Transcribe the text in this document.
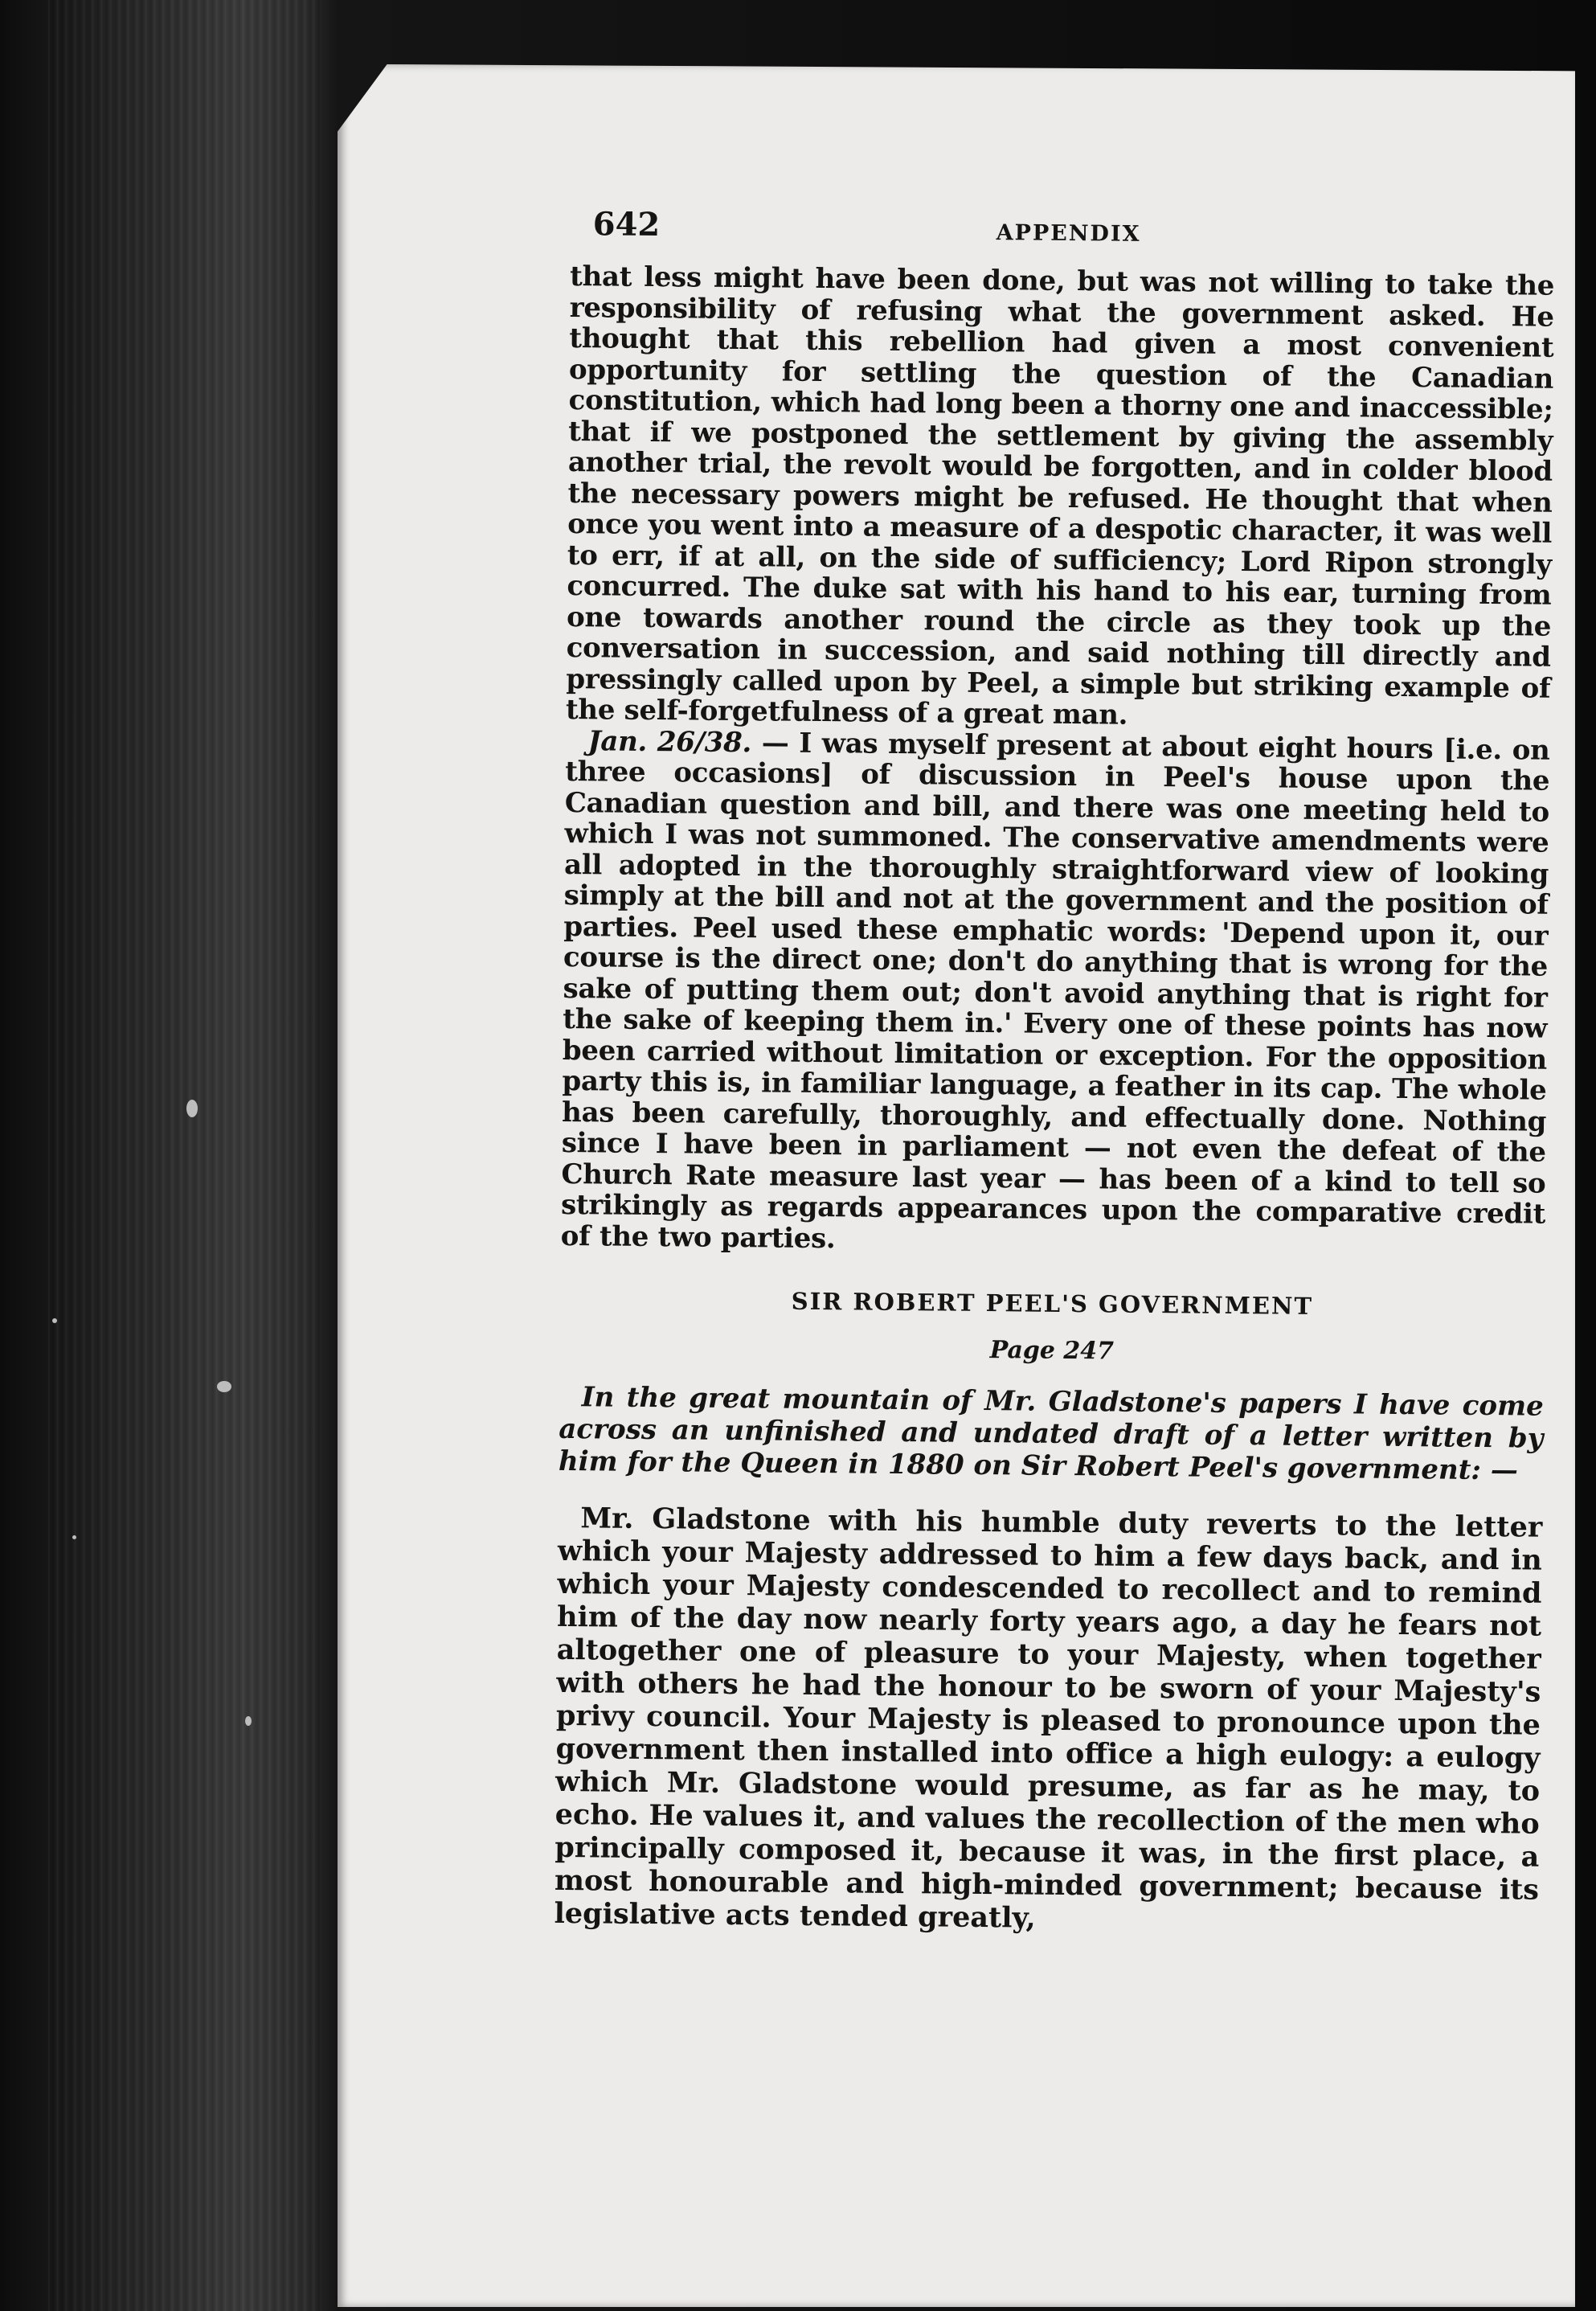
642	APPENDIX

that less might have been done, but was not willing to take the responsibility of refusing what the government asked. He thought that this rebellion had given a most convenient opportunity for settling the question of the Canadian constitution, which had long been a thorny one and inaccessible; that if we postponed the settlement by giving the assembly another trial, the revolt would be forgotten, and in colder blood the necessary powers might be refused. He thought that when once you went into a measure of a despotic character, it was well to err, if at all, on the side of sufficiency; Lord Ripon strongly concurred. The duke sat with his hand to his ear, turning from one towards another round the circle as they took up the conversation in succession, and said nothing till directly and pressingly called upon by Peel, a simple but striking example of the self-forgetfulness of a great man.

Jan. 26/38. — I was myself present at about eight hours [i.e. on three occasions] of discussion in Peel's house upon the Canadian question and bill, and there was one meeting held to which I was not summoned. The conservative amendments were all adopted in the thoroughly straightforward view of looking simply at the bill and not at the government and the position of parties. Peel used these emphatic words: 'Depend upon it, our course is the direct one; don't do anything that is wrong for the sake of putting them out; don't avoid anything that is right for the sake of keeping them in.' Every one of these points has now been carried without limitation or exception. For the opposition party this is, in familiar language, a feather in its cap. The whole has been carefully, thoroughly, and effectually done. Nothing since I have been in parliament — not even the defeat of the Church Rate measure last year — has been of a kind to tell so strikingly as regards appearances upon the comparative credit of the two parties.

SIR ROBERT PEEL'S GOVERNMENT
Page 247

In the great mountain of Mr. Gladstone's papers I have come across an unfinished and undated draft of a letter written by him for the Queen in 1880 on Sir Robert Peel's government: —

Mr. Gladstone with his humble duty reverts to the letter which your Majesty addressed to him a few days back, and in which your Majesty condescended to recollect and to remind him of the day now nearly forty years ago, a day he fears not altogether one of pleasure to your Majesty, when together with others he had the honour to be sworn of your Majesty's privy council. Your Majesty is pleased to pronounce upon the government then installed into office a high eulogy: a eulogy which Mr. Gladstone would presume, as far as he may, to echo. He values it, and values the recollection of the men who principally composed it, because it was, in the first place, a most honourable and high-minded government; because its legislative acts tended greatly,
